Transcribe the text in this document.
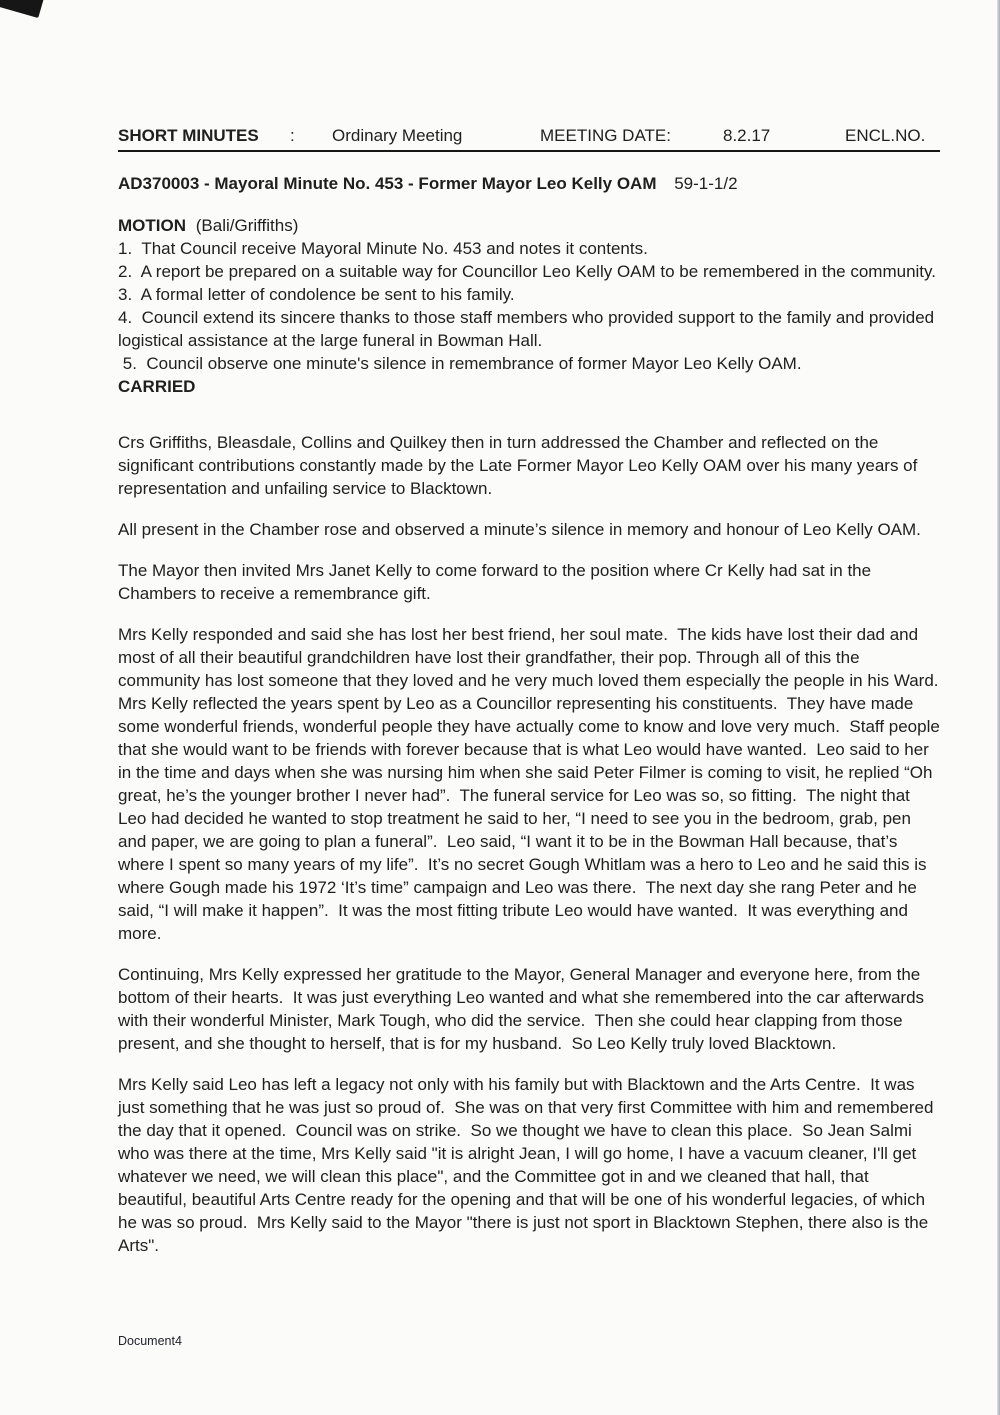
SHORT MINUTES : Ordinary Meeting	MEETING DATE:	8.2.17	ENCL.NO.
AD370003 - Mayoral Minute No. 453 - Former Mayor Leo Kelly OAM 59-1-1/2
MOTION (Bali/Griffiths)
1.  That Council receive Mayoral Minute No. 453 and notes it contents.
2.  A report be prepared on a suitable way for Councillor Leo Kelly OAM to be remembered in the community.
3.  A formal letter of condolence be sent to his family.
4.  Council extend its sincere thanks to those staff members who provided support to the family and provided logistical assistance at the large funeral in Bowman Hall.
5.  Council observe one minute's silence in remembrance of former Mayor Leo Kelly OAM.
CARRIED
Crs Griffiths, Bleasdale, Collins and Quilkey then in turn addressed the Chamber and reflected on the significant contributions constantly made by the Late Former Mayor Leo Kelly OAM over his many years of representation and unfailing service to Blacktown.
All present in the Chamber rose and observed a minute’s silence in memory and honour of Leo Kelly OAM.
The Mayor then invited Mrs Janet Kelly to come forward to the position where Cr Kelly had sat in the Chambers to receive a remembrance gift.
Mrs Kelly responded and said she has lost her best friend, her soul mate.  The kids have lost their dad and most of all their beautiful grandchildren have lost their grandfather, their pop. Through all of this the community has lost someone that they loved and he very much loved them especially the people in his Ward.  Mrs Kelly reflected the years spent by Leo as a Councillor representing his constituents.  They have made some wonderful friends, wonderful people they have actually come to know and love very much.  Staff people that she would want to be friends with forever because that is what Leo would have wanted.  Leo said to her in the time and days when she was nursing him when she said Peter Filmer is coming to visit, he replied “Oh great, he’s the younger brother I never had”.  The funeral service for Leo was so, so fitting.  The night that Leo had decided he wanted to stop treatment he said to her, “I need to see you in the bedroom, grab, pen and paper, we are going to plan a funeral”.  Leo said, “I want it to be in the Bowman Hall because, that’s where I spent so many years of my life”.  It’s no secret Gough Whitlam was a hero to Leo and he said this is where Gough made his 1972 ‘It’s time” campaign and Leo was there.  The next day she rang Peter and he said, “I will make it happen”.  It was the most fitting tribute Leo would have wanted.  It was everything and more.
Continuing, Mrs Kelly expressed her gratitude to the Mayor, General Manager and everyone here, from the bottom of their hearts.  It was just everything Leo wanted and what she remembered into the car afterwards with their wonderful Minister, Mark Tough, who did the service.  Then she could hear clapping from those present, and she thought to herself, that is for my husband.  So Leo Kelly truly loved Blacktown.
Mrs Kelly said Leo has left a legacy not only with his family but with Blacktown and the Arts Centre.  It was just something that he was just so proud of.  She was on that very first Committee with him and remembered the day that it opened.  Council was on strike.  So we thought we have to clean this place.  So Jean Salmi who was there at the time, Mrs Kelly said "it is alright Jean, I will go home, I have a vacuum cleaner, I'll get whatever we need, we will clean this place", and the Committee got in and we cleaned that hall, that beautiful, beautiful Arts Centre ready for the opening and that will be one of his wonderful legacies, of which he was so proud.  Mrs Kelly said to the Mayor "there is just not sport in Blacktown Stephen, there also is the Arts".
Document4
